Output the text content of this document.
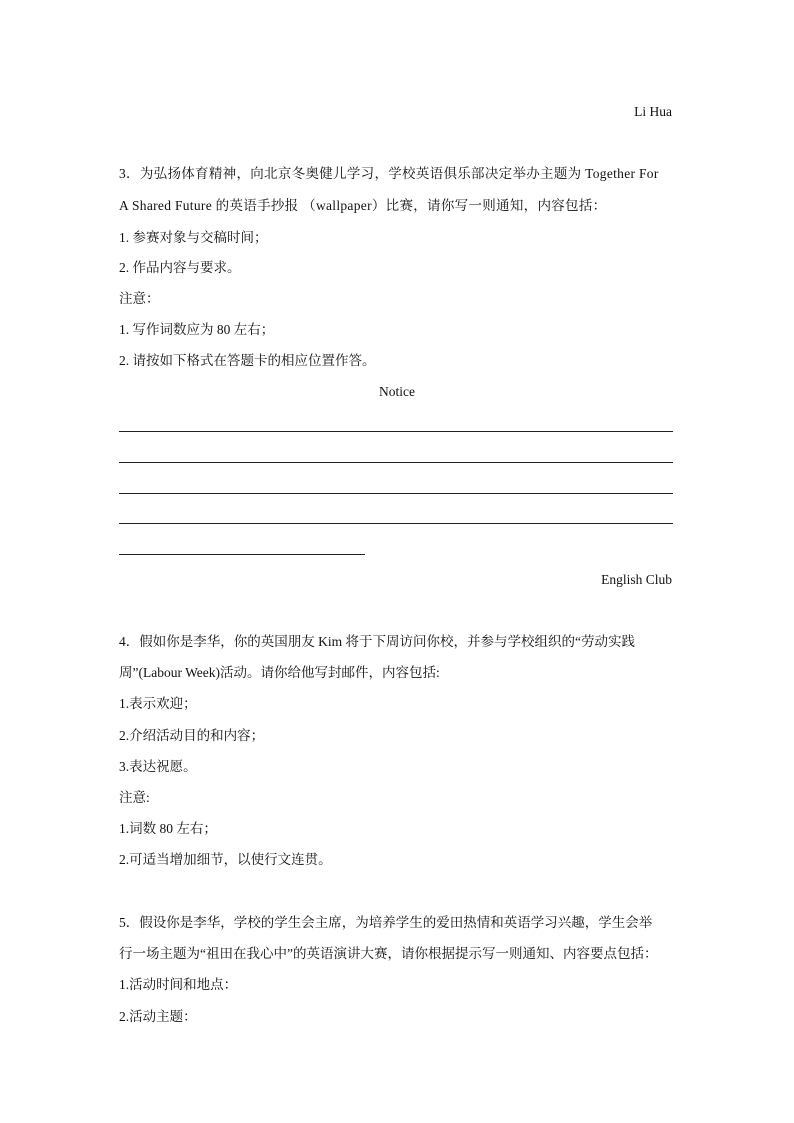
Li Hua
3．为弘扬体育精神，向北京冬奥健儿学习，学校英语俱乐部决定举办主题为 Together For
A Shared Future 的英语手抄报 （wallpaper）比赛，请你写一则通知，内容包括：
1. 参赛对象与交稿时间；
2. 作品内容与要求。
注意：
1. 写作词数应为 80 左右；
2. 请按如下格式在答题卡的相应位置作答。
Notice
English Club
4．假如你是李华，你的英国朋友 Kim 将于下周访问你校，并参与学校组织的“劳动实践
周”(Labour Week)活动。请你给他写封邮件，内容包括:
1.表示欢迎；
2.介绍活动目的和内容；
3.表达祝愿。
注意:
1.词数 80 左右；
2.可适当增加细节，以使行文连贯。
5．假设你是李华，学校的学生会主席，为培养学生的爱田热情和英语学习兴趣，学生会举
行一场主题为“祖田在我心中”的英语演讲大赛，请你根据提示写一则通知、内容要点包括：
1.活动时间和地点：
2.活动主题：
